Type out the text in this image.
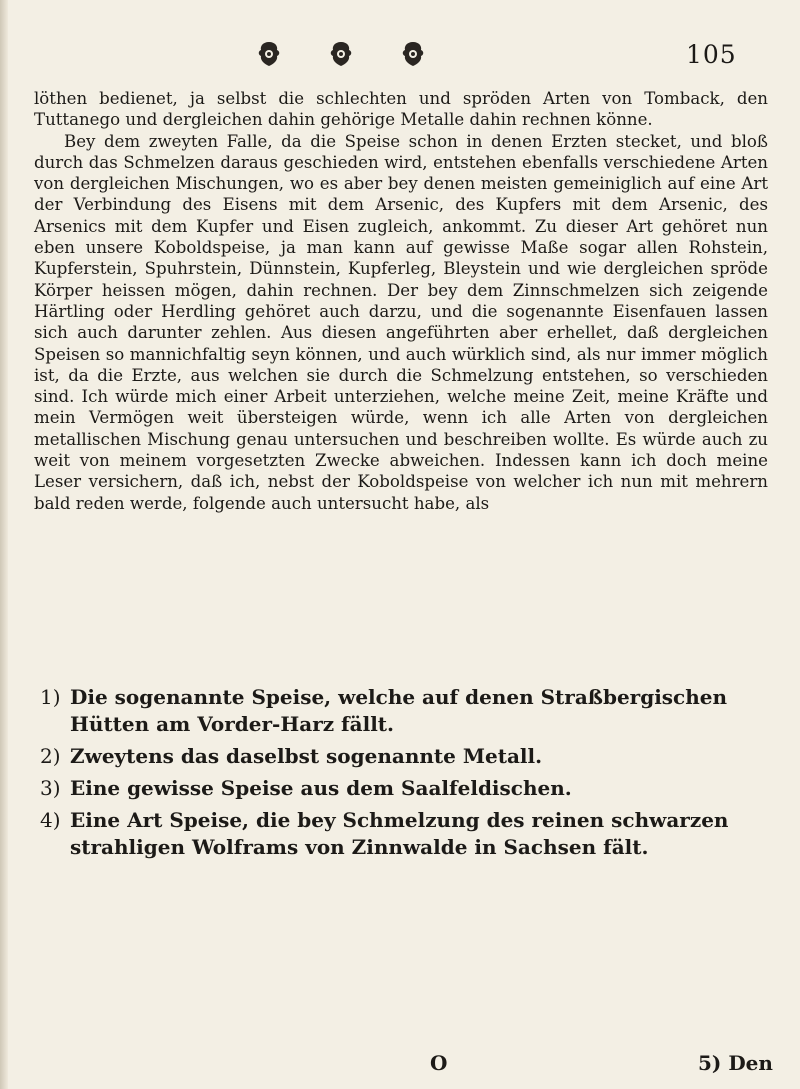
105

löthen bedienet, ja selbst die schlechten und spröden Arten von Tomback, den Tuttanego und dergleichen dahin gehörige Metalle dahin rechnen könne.

Bey dem zweyten Falle, da die Speise schon in denen Erzten stecket, und bloß durch das Schmelzen daraus geschieden wird, entstehen ebenfalls verschiedene Arten von dergleichen Mischungen, wo es aber bey denen meisten gemeiniglich auf eine Art der Verbindung des Eisens mit dem Arsenic, des Kupfers mit dem Arsenic, des Arsenics mit dem Kupfer und Eisen zugleich, ankommt. Zu dieser Art gehöret nun eben unsere Koboldspeise, ja man kann auf gewisse Maße sogar allen Rohstein, Kupferstein, Spuhrstein, Dünnstein, Kupferleg, Bleystein und wie dergleichen spröde Körper heissen mögen, dahin rechnen. Der bey dem Zinnschmelzen sich zeigende Härtling oder Herdling gehöret auch darzu, und die sogenannte Eisenfauen lassen sich auch darunter zehlen. Aus diesen angeführten aber erhellet, daß dergleichen Speisen so mannichfaltig seyn können, und auch würklich sind, als nur immer möglich ist, da die Erzte, aus welchen sie durch die Schmelzung entstehen, so verschieden sind. Ich würde mich einer Arbeit unterziehen, welche meine Zeit, meine Kräfte und mein Vermögen weit übersteigen würde, wenn ich alle Arten von dergleichen metallischen Mischung genau untersuchen und beschreiben wollte. Es würde auch zu weit von meinem vorgesetzten Zwecke abweichen. Indessen kann ich doch meine Leser versichern, daß ich, nebst der Koboldspeise von welcher ich nun mit mehrern bald reden werde, folgende auch untersucht habe, als

1) Die sogenannte Speise, welche auf denen Straßbergischen Hütten am Vorder-Harz fällt.
2) Zweytens das daselbst sogenannte Metall.
3) Eine gewisse Speise aus dem Saalfeldischen.
4) Eine Art Speise, die bey Schmelzung des reinen schwarzen strahligen Wolframs von Zinnwalde in Sachsen fält.
O	5) Den
